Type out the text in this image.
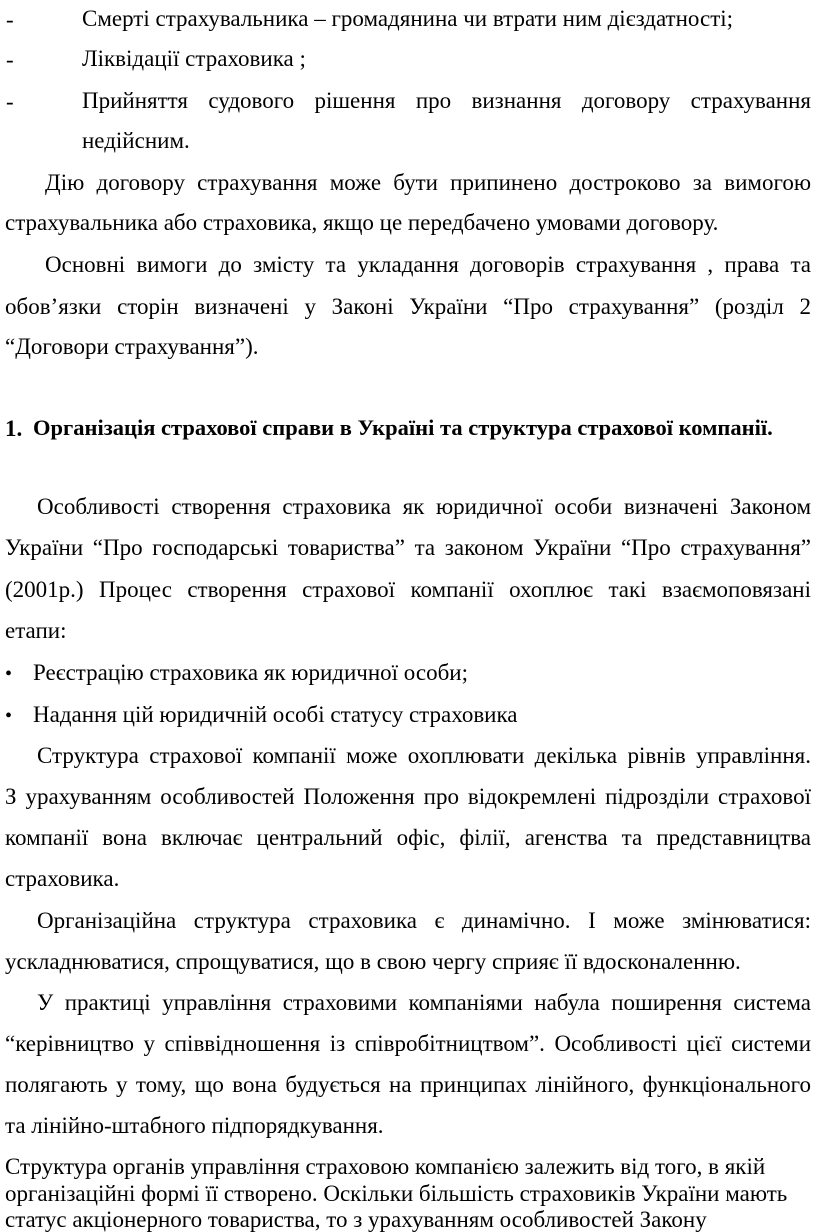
-	Смерті страхувальника – громадянина чи втрати ним дієздатності;
-	Ліквідації страховика ;
-	Прийняття судового рішення про визнання договору страхування
недійсним.
Дію договору страхування може бути припинено достроково за вимогою
страхувальника або страховика, якщо це передбачено умовами договору.
Основні вимоги до змісту та укладання договорів страхування , права та
обов’язки сторін визначені у Законі України “Про страхування” (розділ 2
“Договори страхування”).
1. Організація страхової справи в Україні та структура страхової компанії.
Особливості створення страховика як юридичної особи визначені Законом
України “Про господарські товариства” та законом України “Про страхування”
(2001р.) Процес створення страхової компанії охоплює такі взаємоповязані
етапи:
• Реєстрацію страховика як юридичної особи;
• Надання цій юридичній особі статусу страховика
Структура страхової компанії може охоплювати декілька рівнів управління.
З урахуванням особливостей Положення про відокремлені підрозділи страхової
компанії вона включає центральний офіс, філії, агенства та представництва
страховика.
Організаційна структура страховика є динамічно. І може змінюватися:
ускладнюватися, спрощуватися, що в свою чергу сприяє її вдосконаленню.
У практиці управління страховими компаніями набула поширення система
“керівництво у співвідношення із співробітництвом”. Особливості цієї системи
полягають у тому, що вона будується на принципах лінійного, функціонального
та лінійно-штабного підпорядкування.
Структура органів управління страховою компанією залежить від того, в якій
організаційні формі її створено. Оскільки більшість страховиків України мають
статус акціонерного товариства, то з урахуванням особливостей Закону
